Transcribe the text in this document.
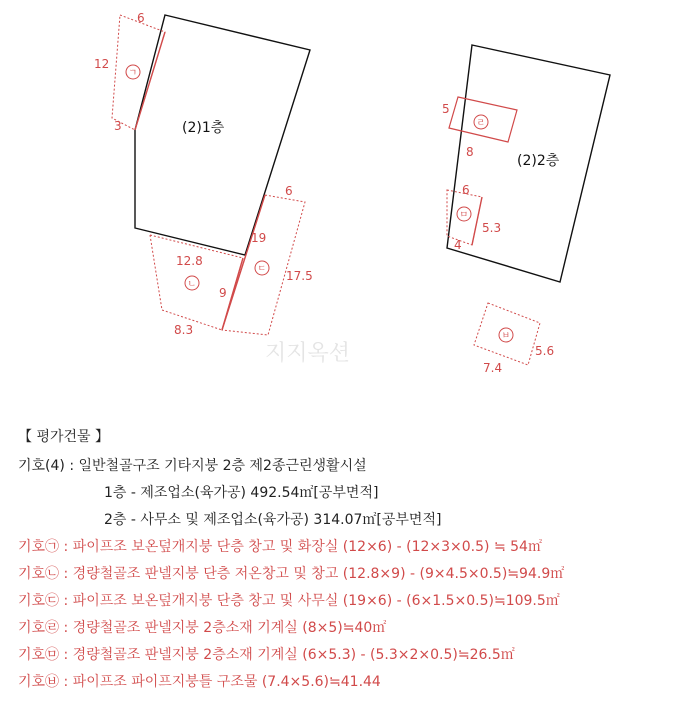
(2)1층
ㄱ
6
12
3
ㄴ
12.8
9
8.3
ㄷ
6
19
17.5
(2)2층
ㄹ
5
8
ㅁ
6
5.3
4
ㅂ
5.6
7.4
지지옥션
【 평가건물 】
기호(4) : 일반철골구조 기타지붕 2층 제2종근린생활시설
1층 - 제조업소(육가공) 492.54㎡[공부면적]
2층 - 사무소 및 제조업소(육가공) 314.07㎡[공부면적]
기호㉠ : 파이프조 보온덮개지붕 단층 창고 및 화장실 (12×6) - (12×3×0.5) ≒ 54㎡
기호㉡ : 경량철골조 판넬지붕 단층 저온창고 및 창고 (12.8×9) - (9×4.5×0.5)≒94.9㎡
기호㉢ : 파이프조 보온덮개지붕 단층 창고 및 사무실 (19×6) - (6×1.5×0.5)≒109.5㎡
기호㉣ : 경량철골조 판넬지붕 2층소재 기계실 (8×5)≒40㎡
기호㉤ : 경량철골조 판넬지붕 2층소재 기계실 (6×5.3) - (5.3×2×0.5)≒26.5㎡
기호㉥ : 파이프조 파이프지붕틀 구조물 (7.4×5.6)≒41.44
